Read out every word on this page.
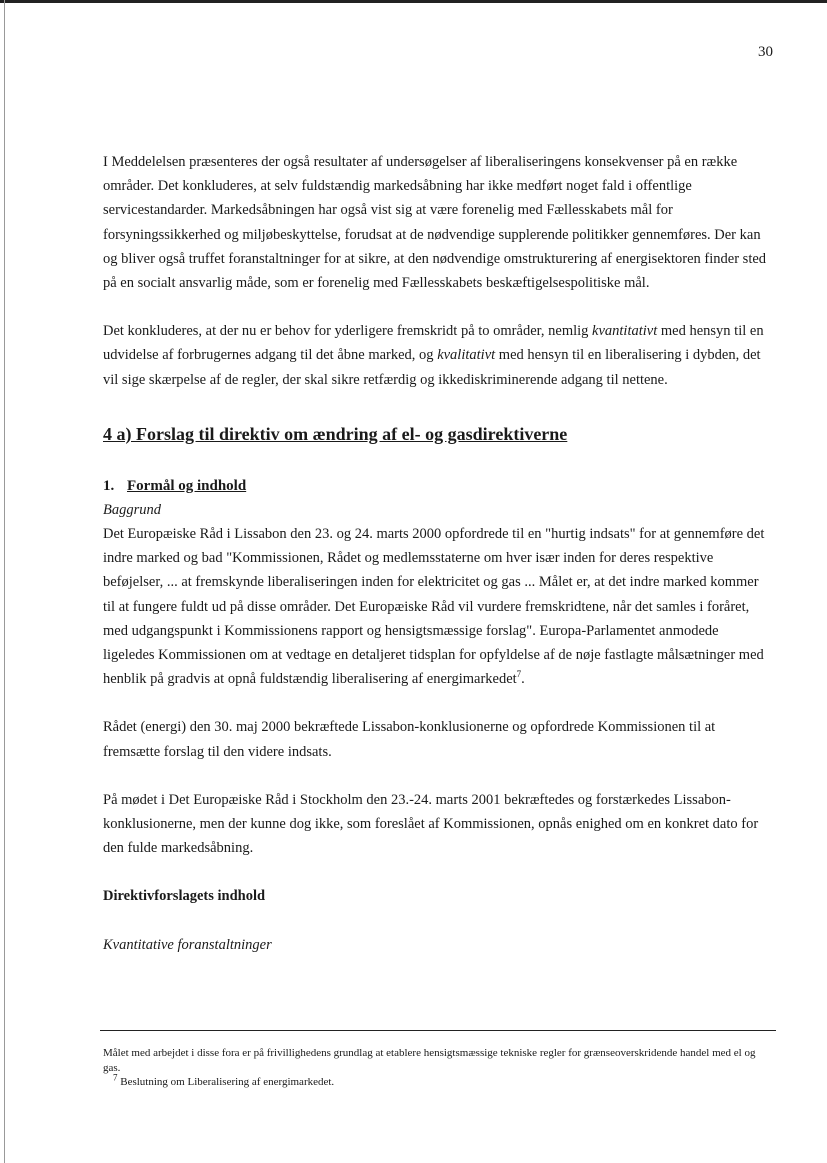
30

I Meddelelsen præsenteres der også resultater af undersøgelser af liberaliseringens konsekvenser på en række områder. Det konkluderes, at selv fuldstændig markedsåbning har ikke medført noget fald i offentlige servicestandarder. Markedsåbningen har også vist sig at være forenelig med Fællesskabets mål for forsyningssikkerhed og miljøbeskyttelse, forudsat at de nødvendige supplerende politikker gennemføres. Der kan og bliver også truffet foranstaltninger for at sikre, at den nødvendige omstrukturering af energisektoren finder sted på en socialt ansvarlig måde, som er forenelig med Fællesskabets beskæftigelsespolitiske mål.

Det konkluderes, at der nu er behov for yderligere fremskridt på to områder, nemlig kvantitativt med hensyn til en udvidelse af forbrugernes adgang til det åbne marked, og kvalitativt med hensyn til en liberalisering i dybden, det vil sige skærpelse af de regler, der skal sikre retfærdig og ikkediskriminerende adgang til nettene.

4 a) Forslag til direktiv om ændring af el- og gasdirektiverne
1. Formål og indhold

Baggrund

Det Europæiske Råd i Lissabon den 23. og 24. marts 2000 opfordrede til en "hurtig indsats" for at gennemføre det indre marked og bad "Kommissionen, Rådet og medlemsstaterne om hver især inden for deres respektive beføjelser, ... at fremskynde liberaliseringen inden for elektricitet og gas ... Målet er, at det indre marked kommer til at fungere fuldt ud på disse områder. Det Europæiske Råd vil vurdere fremskridtene, når det samles i foråret, med udgangspunkt i Kommissionens rapport og hensigtsmæssige forslag". Europa-Parlamentet anmodede ligeledes Kommissionen om at vedtage en detaljeret tidsplan for opfyldelse af de nøje fastlagte målsætninger med henblik på gradvis at opnå fuldstændig liberalisering af energimarkedet$^7$.

Rådet (energi) den 30. maj 2000 bekræftede Lissabon-konklusionerne og opfordrede Kommissionen til at fremsætte forslag til den videre indsats.

På mødet i Det Europæiske Råd i Stockholm den 23.-24. marts 2001 bekræftedes og forstærkedes Lissabon-konklusionerne, men der kunne dog ikke, som foreslået af Kommissionen, opnås enighed om en konkret dato for den fulde markedsåbning.

Direktivforslagets indhold

Kvantitative foranstaltninger

Målet med arbejdet i disse fora er på frivillighedens grundlag at etablere hensigtsmæssige tekniske regler for grænseoverskridende handel med el og gas.
$^7$ Beslutning om Liberalisering af energimarkedet.
